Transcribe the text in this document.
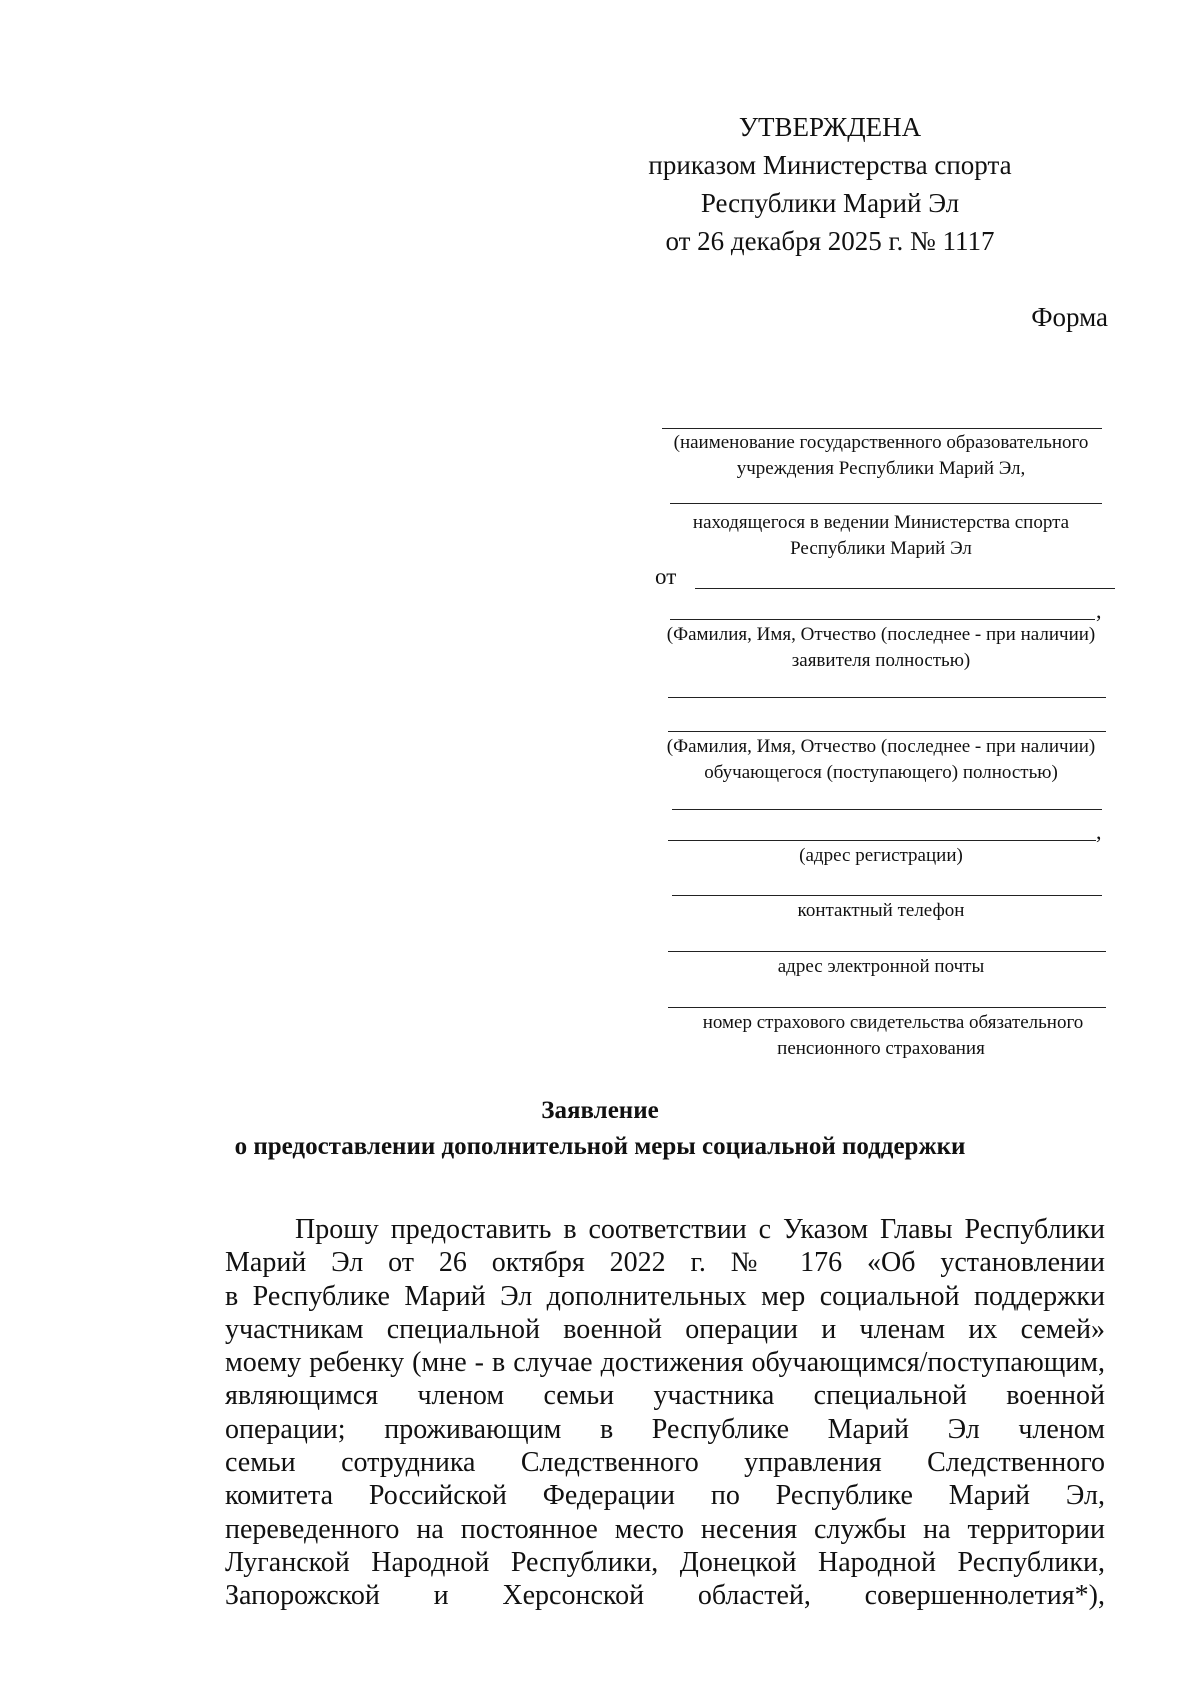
УТВЕРЖДЕНА
приказом Министерства спорта
Республики Марий Эл
от 26 декабря 2025 г. № 1117
Форма
(наименование государственного образовательного
учреждения Республики Марий Эл,
находящегося в ведении Министерства спорта
Республики Марий Эл
от
,
(Фамилия, Имя, Отчество (последнее - при наличии)
заявителя полностью)
(Фамилия, Имя, Отчество (последнее - при наличии)
обучающегося (поступающего) полностью)
,
(адрес регистрации)
контактный телефон
адрес электронной почты
номер страхового свидетельства обязательного
пенсионного страхования
Заявление
о предоставлении дополнительной меры социальной поддержки
Прошу предоставить в соответствии с Указом Главы Республики
Марий Эл от 26 октября 2022 г. № 176 «Об установлении
в Республике Марий Эл дополнительных мер социальной поддержки
участникам специальной военной операции и членам их семей»
моему ребенку (мне - в случае достижения обучающимся/поступающим,
являющимся членом семьи участника специальной военной
операции; проживающим в Республике Марий Эл членом
семьи сотрудника Следственного управления Следственного
комитета Российской Федерации по Республике Марий Эл,
переведенного на постоянное место несения службы на территории
Луганской Народной Республики, Донецкой Народной Республики,
Запорожской и Херсонской областей, совершеннолетия*),
